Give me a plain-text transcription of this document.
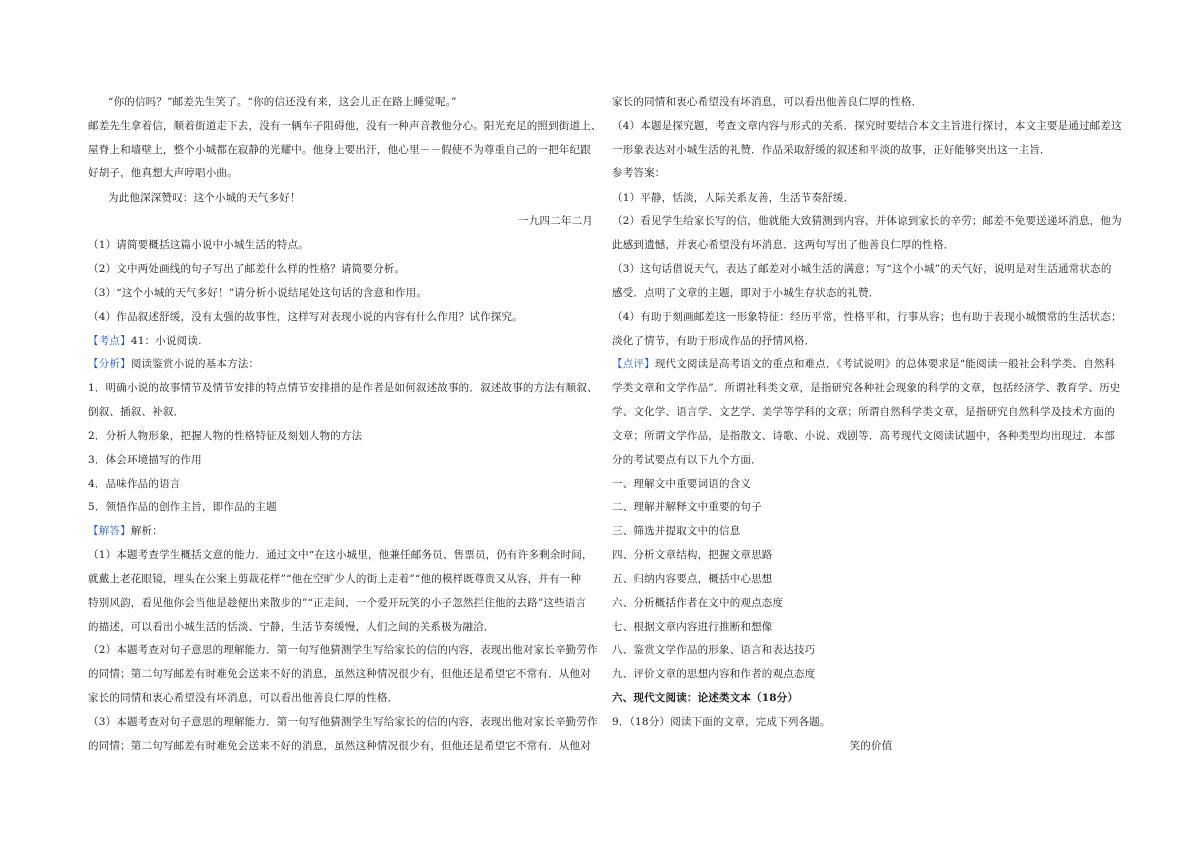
“你的信吗？”邮差先生笑了。“你的信还没有来，这会儿正在路上睡觉呢。”
邮差先生拿着信，顺着街道走下去，没有一辆车子阻碍他，没有一种声音教他分心。阳光充足的照到街道上、
屋脊上和墙壁上，整个小城都在寂静的光耀中。他身上要出汗，他心里－－假使不为尊重自己的一把年纪跟
好胡子，他真想大声哼唱小曲。
为此他深深赞叹：这个小城的天气多好！
一九四二年二月
（1）请简要概括这篇小说中小城生活的特点。
（2）文中两处画线的句子写出了邮差什么样的性格？请简要分析。
（3）“这个小城的天气多好！”请分析小说结尾处这句话的含意和作用。
（4）作品叙述舒缓，没有太强的故事性，这样写对表现小说的内容有什么作用？试作探究。
【考点】41：小说阅读.
【分析】阅读鉴赏小说的基本方法：
1．明确小说的故事情节及情节安排的特点情节安排措的是作者是如何叙述故事的．叙述故事的方法有顺叙、
倒叙、插叙、补叙．
2．分析人物形象，把握人物的性格特征及刻划人物的方法
3．体会环境描写的作用
4．品味作品的语言
5．领悟作品的创作主旨，即作品的主题
【解答】解析：
（1）本题考查学生概括文意的能力．通过文中“在这小城里，他兼任邮务员、售票员，仍有许多剩余时间，
就戴上老花眼镜，埋头在公案上剪裁花样”“他在空旷少人的街上走着”“他的模样既尊贵又从容，并有一种
特别风韵，看见他你会当他是趁便出来散步的”“正走间，一个爱开玩笑的小子忽然拦住他的去路”这些语言
的描述，可以看出小城生活的恬淡、宁静，生活节奏缓慢，人们之间的关系极为融洽．
（2）本题考查对句子意思的理解能力．第一句写他猜测学生写给家长的信的内容，表现出他对家长辛勤劳作
的同情；第二句写邮差有时难免会送来不好的消息，虽然这种情况很少有，但他还是希望它不常有．从他对
家长的同情和衷心希望没有坏消息，可以看出他善良仁厚的性格．
（3）本题考查对句子意思的理解能力．第一句写他猜测学生写给家长的信的内容，表现出他对家长辛勤劳作
的同情；第二句写邮差有时难免会送来不好的消息，虽然这种情况很少有，但他还是希望它不常有．从他对
家长的同情和衷心希望没有坏消息，可以看出他善良仁厚的性格．
（4）本题是探究题，考查文章内容与形式的关系．探究时要结合本文主旨进行探讨，本文主要是通过邮差这
一形象表达对小城生活的礼赞．作品采取舒缓的叙述和平淡的故事，正好能够突出这一主旨．
参考答案：
（1）平静，恬淡，人际关系友善，生活节奏舒缓．
（2）看见学生给家长写的信，他就能大致猜测到内容，并体谅到家长的辛劳；邮差不免要送递坏消息，他为
此感到遗憾，并衷心希望没有坏消息．这两句写出了他善良仁厚的性格．
（3）这句话借说天气，表达了邮差对小城生活的满意；写“这个小城”的天气好，说明是对生活通常状态的
感受．点明了文章的主题，即对于小城生存状态的礼赞．
（4）有助于刻画邮差这一形象特征：经历平常，性格平和，行事从容；也有助于表现小城惯常的生活状态；
淡化了情节，有助于形成作品的抒情风格．
【点评】现代文阅读是高考语文的重点和难点．《考试说明》的总体要求是“能阅读一般社会科学类、自然科
学类文章和文学作品”．所谓社科类文章，是指研究各种社会现象的科学的文章，包括经济学、教育学、历史
学、文化学、语言学、文艺学、美学等学科的文章；所谓自然科学类文章，是指研究自然科学及技术方面的
文章；所谓文学作品，是指散文、诗歌、小说、戏剧等．高考现代文阅读试题中，各种类型均出现过．本部
分的考试要点有以下九个方面．
一、理解文中重要词语的含义
二、理解并解释文中重要的句子
三、筛选并提取文中的信息
四、分析文章结构，把握文章思路
五、归纳内容要点，概括中心思想
六、分析概括作者在文中的观点态度
七、根据文章内容进行推断和想像
八、鉴赏文学作品的形象、语言和表达技巧
九、评价文章的思想内容和作者的观点态度
六、现代文阅读：论述类文本（18分）
9．（18分）阅读下面的文章，完成下列各题。
笑的价值
